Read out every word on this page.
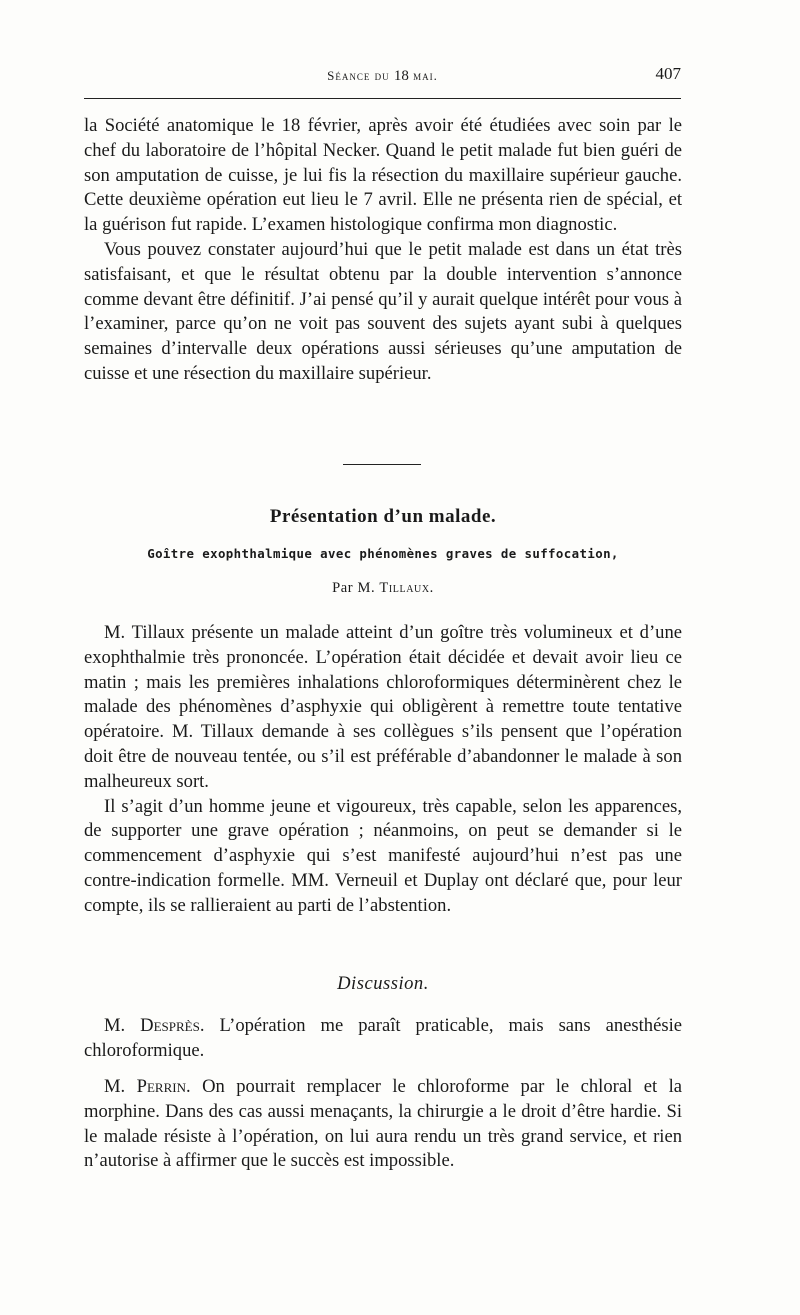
Séance du 18 mai.	407

la Société anatomique le 18 février, après avoir été étudiées avec soin par le chef du laboratoire de l’hôpital Necker. Quand le petit malade fut bien guéri de son amputation de cuisse, je lui fis la résection du maxillaire supérieur gauche. Cette deuxième opération eut lieu le 7 avril. Elle ne présenta rien de spécial, et la guérison fut rapide. L’examen histologique confirma mon diagnostic.

Vous pouvez constater aujourd’hui que le petit malade est dans un état très satisfaisant, et que le résultat obtenu par la double intervention s’annonce comme devant être définitif. J’ai pensé qu’il y aurait quelque intérêt pour vous à l’examiner, parce qu’on ne voit pas souvent des sujets ayant subi à quelques semaines d’intervalle deux opérations aussi sérieuses qu’une amputation de cuisse et une résection du maxillaire supérieur.

Présentation d’un malade.
Goître exophthalmique avec phénomènes graves de suffocation,
Par M. Tillaux.

M. Tillaux présente un malade atteint d’un goître très volumineux et d’une exophthalmie très prononcée. L’opération était décidée et devait avoir lieu ce matin ; mais les premières inhalations chloroformiques déterminèrent chez le malade des phénomènes d’asphyxie qui obligèrent à remettre toute tentative opératoire. M. Tillaux demande à ses collègues s’ils pensent que l’opération doit être de nouveau tentée, ou s’il est préférable d’abandonner le malade à son malheureux sort.

Il s’agit d’un homme jeune et vigoureux, très capable, selon les apparences, de supporter une grave opération ; néanmoins, on peut se demander si le commencement d’asphyxie qui s’est manifesté aujourd’hui n’est pas une contre-indication formelle. MM. Verneuil et Duplay ont déclaré que, pour leur compte, ils se rallieraient au parti de l’abstention.

Discussion.

M. Desprès. L’opération me paraît praticable, mais sans anesthésie chloroformique.

M. Perrin. On pourrait remplacer le chloroforme par le chloral et la morphine. Dans des cas aussi menaçants, la chirurgie a le droit d’être hardie. Si le malade résiste à l’opération, on lui aura rendu un très grand service, et rien n’autorise à affirmer que le succès est impossible.
